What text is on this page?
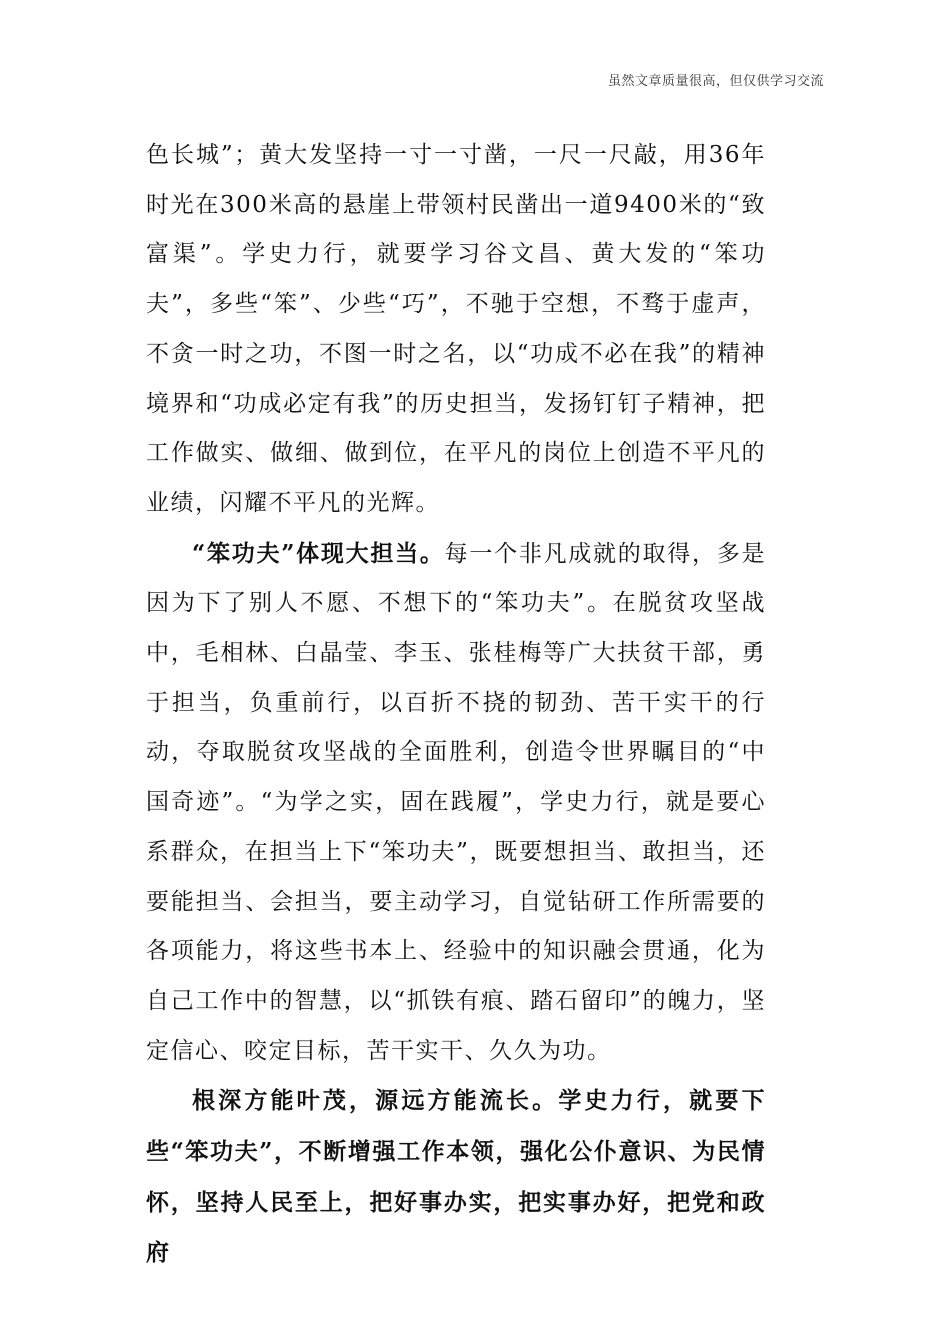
虽然文章质量很高，但仅供学习交流

色长城”；黄大发坚持一寸一寸凿，一尺一尺敲，用36年时光在300米高的悬崖上带领村民凿出一道9400米的“致富渠”。学史力行，就要学习谷文昌、黄大发的“笨功夫”，多些“笨”、少些“巧”，不驰于空想，不骛于虚声，不贪一时之功，不图一时之名，以“功成不必在我”的精神境界和“功成必定有我”的历史担当，发扬钉钉子精神，把工作做实、做细、做到位，在平凡的岗位上创造不平凡的业绩，闪耀不平凡的光辉。

“笨功夫”体现大担当。每一个非凡成就的取得，多是因为下了别人不愿、不想下的“笨功夫”。在脱贫攻坚战中，毛相林、白晶莹、李玉、张桂梅等广大扶贫干部，勇于担当，负重前行，以百折不挠的韧劲、苦干实干的行动，夺取脱贫攻坚战的全面胜利，创造令世界瞩目的“中国奇迹”。“为学之实，固在践履”，学史力行，就是要心系群众，在担当上下“笨功夫”，既要想担当、敢担当，还要能担当、会担当，要主动学习，自觉钻研工作所需要的各项能力，将这些书本上、经验中的知识融会贯通，化为自己工作中的智慧，以“抓铁有痕、踏石留印”的魄力，坚定信心、咬定目标，苦干实干、久久为功。

根深方能叶茂，源远方能流长。学史力行，就要下些“笨功夫”，不断增强工作本领，强化公仆意识、为民情怀，坚持人民至上，把好事办实，把实事办好，把党和政府
